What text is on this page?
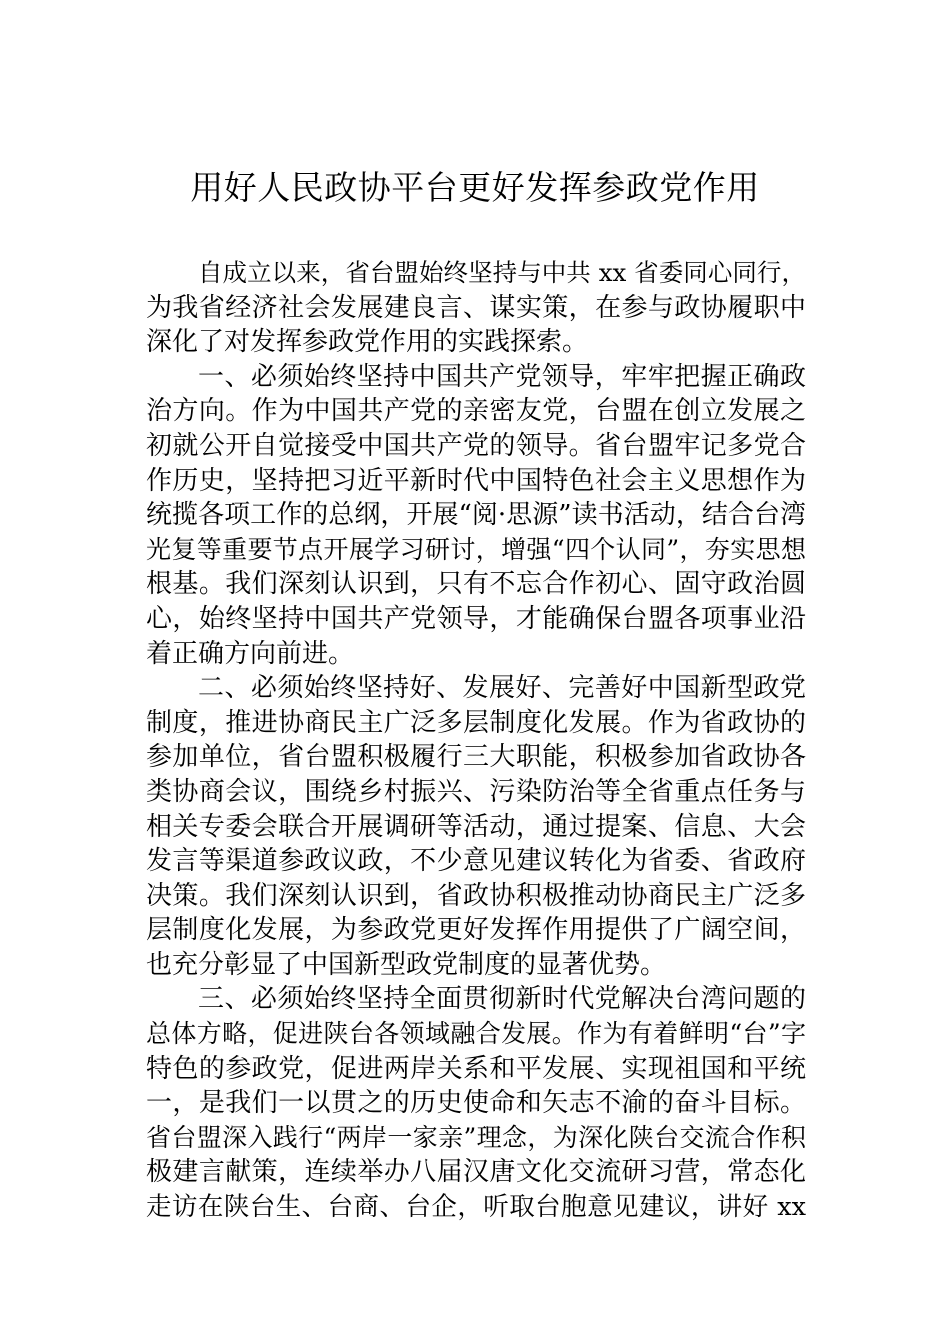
用好人民政协平台更好发挥参政党作用
自成立以来，省台盟始终坚持与中共 xx 省委同心同行，
为我省经济社会发展建良言、谋实策，在参与政协履职中
深化了对发挥参政党作用的实践探索。
一、必须始终坚持中国共产党领导，牢牢把握正确政
治方向。作为中国共产党的亲密友党，台盟在创立发展之
初就公开自觉接受中国共产党的领导。省台盟牢记多党合
作历史，坚持把习近平新时代中国特色社会主义思想作为
统揽各项工作的总纲，开展“阅·思源”读书活动，结合台湾
光复等重要节点开展学习研讨，增强“四个认同”，夯实思想
根基。我们深刻认识到，只有不忘合作初心、固守政治圆
心，始终坚持中国共产党领导，才能确保台盟各项事业沿
着正确方向前进。
二、必须始终坚持好、发展好、完善好中国新型政党
制度，推进协商民主广泛多层制度化发展。作为省政协的
参加单位，省台盟积极履行三大职能，积极参加省政协各
类协商会议，围绕乡村振兴、污染防治等全省重点任务与
相关专委会联合开展调研等活动，通过提案、信息、大会
发言等渠道参政议政，不少意见建议转化为省委、省政府
决策。我们深刻认识到，省政协积极推动协商民主广泛多
层制度化发展，为参政党更好发挥作用提供了广阔空间，
也充分彰显了中国新型政党制度的显著优势。
三、必须始终坚持全面贯彻新时代党解决台湾问题的
总体方略，促进陕台各领域融合发展。作为有着鲜明“台”字
特色的参政党，促进两岸关系和平发展、实现祖国和平统
一，是我们一以贯之的历史使命和矢志不渝的奋斗目标。
省台盟深入践行“两岸一家亲”理念，为深化陕台交流合作积
极建言献策，连续举办八届汉唐文化交流研习营，常态化
走访在陕台生、台商、台企，听取台胞意见建议，讲好 xx
